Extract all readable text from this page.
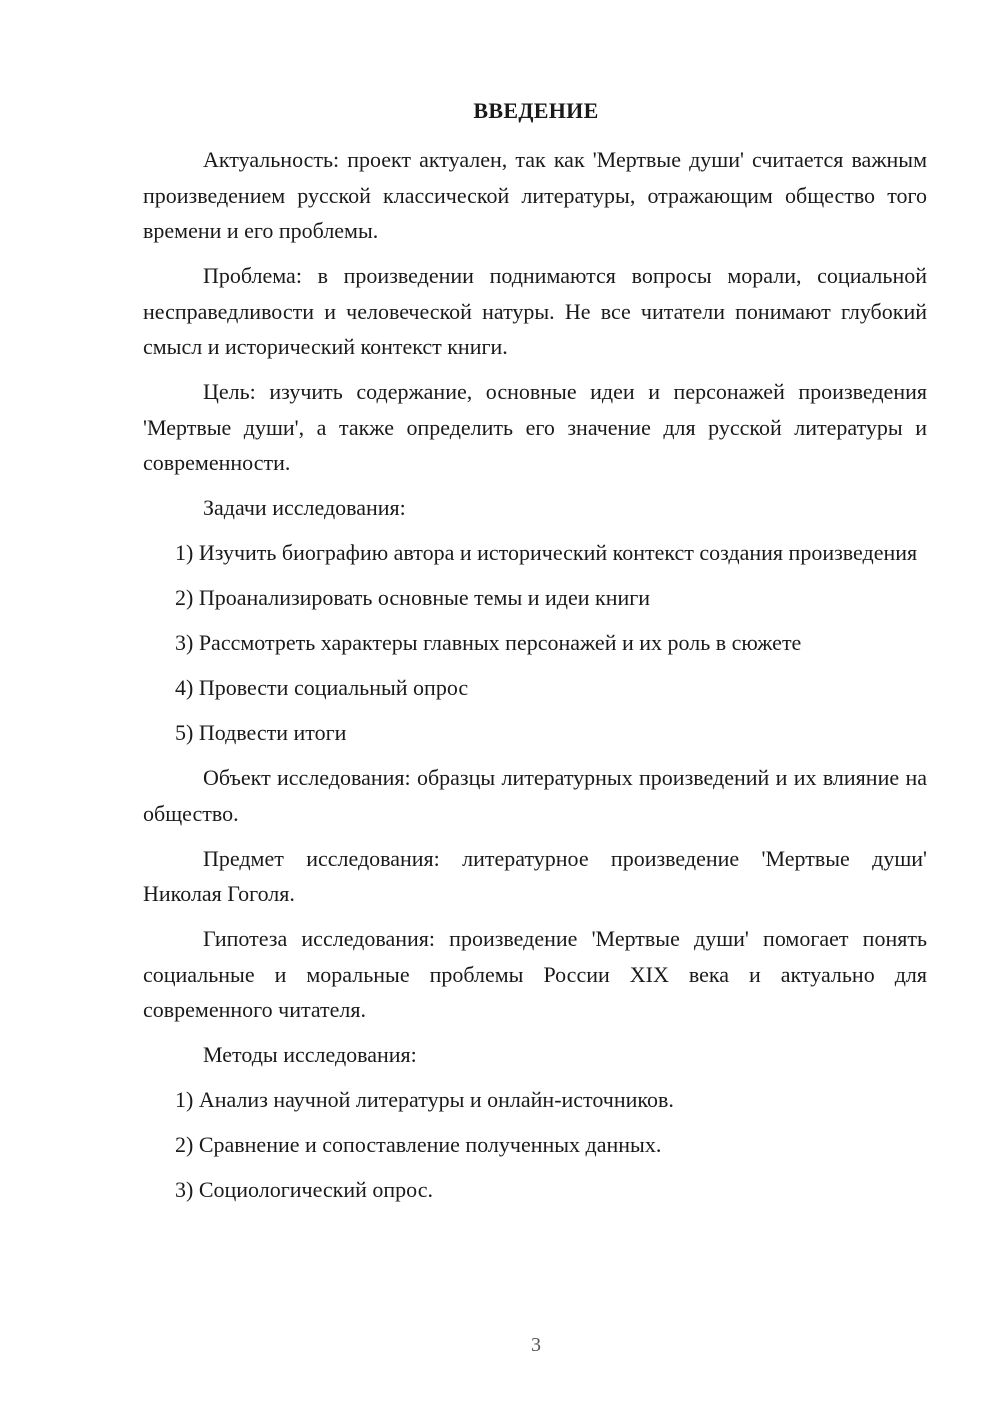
ВВЕДЕНИЕ

Актуальность: проект актуален, так как 'Мертвые души' считается важным произведением русской классической литературы, отражающим общество того времени и его проблемы.

Проблема: в произведении поднимаются вопросы морали, социальной несправедливости и человеческой натуры. Не все читатели понимают глубокий смысл и исторический контекст книги.

Цель: изучить содержание, основные идеи и персонажей произведения 'Мертвые души', а также определить его значение для русской литературы и современности.

Задачи исследования:

1) Изучить биографию автора и исторический контекст создания произведения

2) Проанализировать основные темы и идеи книги

3) Рассмотреть характеры главных персонажей и их роль в сюжете

4) Провести социальный опрос

5) Подвести итоги

Объект исследования: образцы литературных произведений и их влияние на общество.

Предмет исследования: литературное произведение 'Мертвые души' Николая Гоголя.

Гипотеза исследования: произведение 'Мертвые души' помогает понять социальные и моральные проблемы России XIX века и актуально для современного читателя.

Методы исследования:

1) Анализ научной литературы и онлайн-источников.

2) Сравнение и сопоставление полученных данных.

3) Социологический опрос.

3
